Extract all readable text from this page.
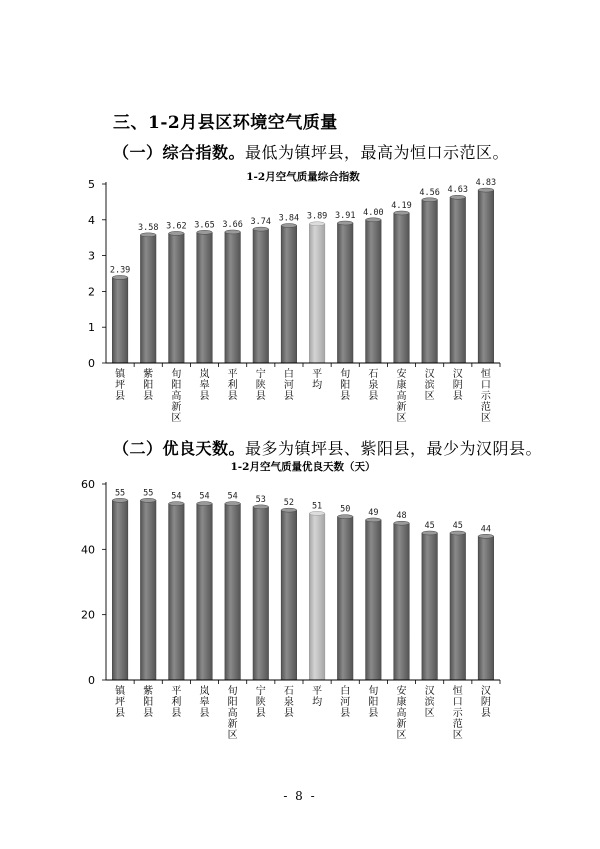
三、1-2月县区环境空气质量
（一）综合指数。最低为镇坪县，最高为恒口示范区。
1-2月空气质量综合指数
0
1
2
3
4
5
2.39
镇坪县
3.58
紫阳县
3.62
旬阳高新区
3.65
岚皋县
3.66
平利县
3.74
宁陕县
3.84
白河县
3.89
平均
3.91
旬阳县
4.00
石泉县
4.19
安康高新区
4.56
汉滨区
4.63
汉阴县
4.83
恒口示范区
（二）优良天数。最多为镇坪县、紫阳县，最少为汉阴县。
1-2月空气质量优良天数（天）
0
20
40
60
55
镇坪县
55
紫阳县
54
平利县
54
岚皋县
54
旬阳高新区
53
宁陕县
52
石泉县
51
平均
50
白河县
49
旬阳县
48
安康高新区
45
汉滨区
45
恒口示范区
44
汉阴县
- 8 -
